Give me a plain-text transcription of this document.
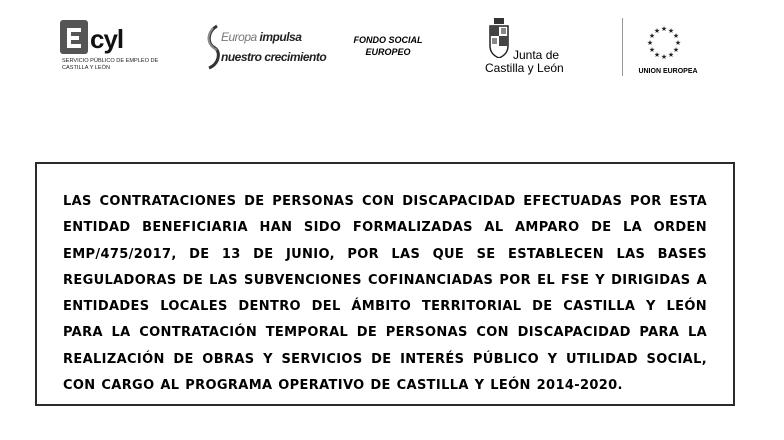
cyl
SERVICIO PÚBLICO DE EMPLEO DE CASTILLA Y LEÓN
Europa impulsa
nuestro crecimiento
FONDO SOCIAL
EUROPEO	Junta de
Castilla y León
★ ★
★
★
★
★
★
★
★
★
★
★
UNION EUROPEA

LAS CONTRATACIONES DE PERSONAS CON DISCAPACIDAD EFECTUADAS POR ESTA ENTIDAD BENEFICIARIA HAN SIDO FORMALIZADAS AL AMPARO DE LA ORDEN EMP/475/2017, DE 13 DE JUNIO, POR LAS QUE SE ESTABLECEN LAS BASES REGULADORAS DE LAS SUBVENCIONES COFINANCIADAS POR EL FSE Y DIRIGIDAS A ENTIDADES LOCALES DENTRO DEL ÁMBITO TERRITORIAL DE CASTILLA Y LEÓN PARA LA CONTRATACIÓN TEMPORAL DE PERSONAS CON DISCAPACIDAD PARA LA REALIZACIÓN DE OBRAS Y SERVICIOS DE INTERÉS PÚBLICO Y UTILIDAD SOCIAL, CON CARGO AL PROGRAMA OPERATIVO DE CASTILLA Y LEÓN 2014-2020.
